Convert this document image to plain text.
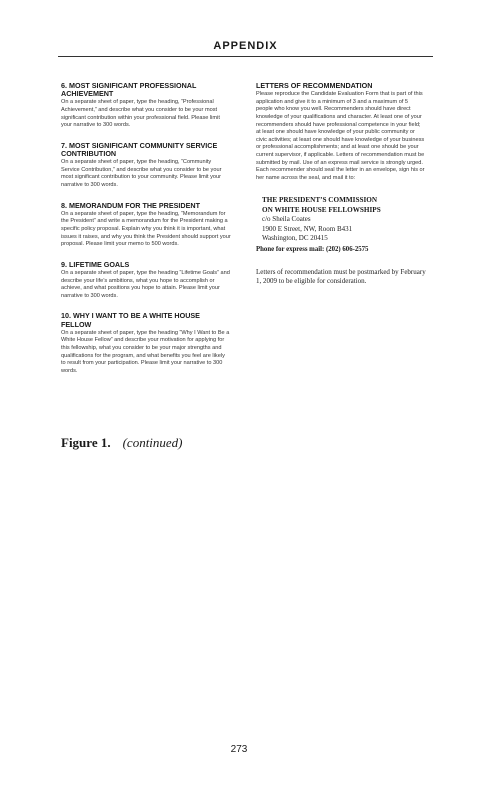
APPENDIX

6. MOST SIGNIFICANT PROFESSIONAL ACHIEVEMENT

On a separate sheet of paper, type the heading, “Professional Achievement,” and describe what you consider to be your most significant contribution within your professional field. Please limit your narrative to 300 words.

7. MOST SIGNIFICANT COMMUNITY SERVICE CONTRIBUTION

On a separate sheet of paper, type the heading, “Community Service Contribution,” and describe what you consider to be your most significant contribution to your community. Please limit your narrative to 300 words.

8. MEMORANDUM FOR THE PRESIDENT

On a separate sheet of paper, type the heading, “Memorandum for the President” and write a memorandum for the President making a specific policy proposal. Explain why you think it is important, what issues it raises, and why you think the President should support your proposal. Please limit your memo to 500 words.

9. LIFETIME GOALS

On a separate sheet of paper, type the heading “Lifetime Goals” and describe your life’s ambitions, what you hope to accomplish or achieve, and what positions you hope to attain. Please limit your narrative to 300 words.

10. WHY I WANT TO BE A WHITE HOUSE FELLOW

On a separate sheet of paper, type the heading “Why I Want to Be a White House Fellow” and describe your motivation for applying for this fellowship, what you consider to be your major strengths and qualifications for the program, and what benefits you feel are likely to result from your participation. Please limit your narrative to 300 words.

LETTERS OF RECOMMENDATION

Please reproduce the Candidate Evaluation Form that is part of this application and give it to a minimum of 3 and a maximum of 5 people who know you well. Recommenders should have direct knowledge of your qualifications and character. At least one of your recommenders should have professional competence in your field; at least one should have knowledge of your public community or civic activities; at least one should have knowledge of your business or professional accomplishments; and at least one should be your current supervisor, if applicable. Letters of recommendation must be submitted by mail. Use of an express mail service is strongly urged. Each recommender should seal the letter in an envelope, sign his or her name across the seal, and mail it to:

THE PRESIDENT’S COMMISSION
ON WHITE HOUSE FELLOWSHIPS
c/o Sheila Coates
1900 E Street, NW, Room B431
Washington, DC 20415
Phone for express mail: (202) 606-2575
Letters of recommendation must be postmarked by February 1, 2009 to be eligible for consideration.
Figure 1. (continued)
273
